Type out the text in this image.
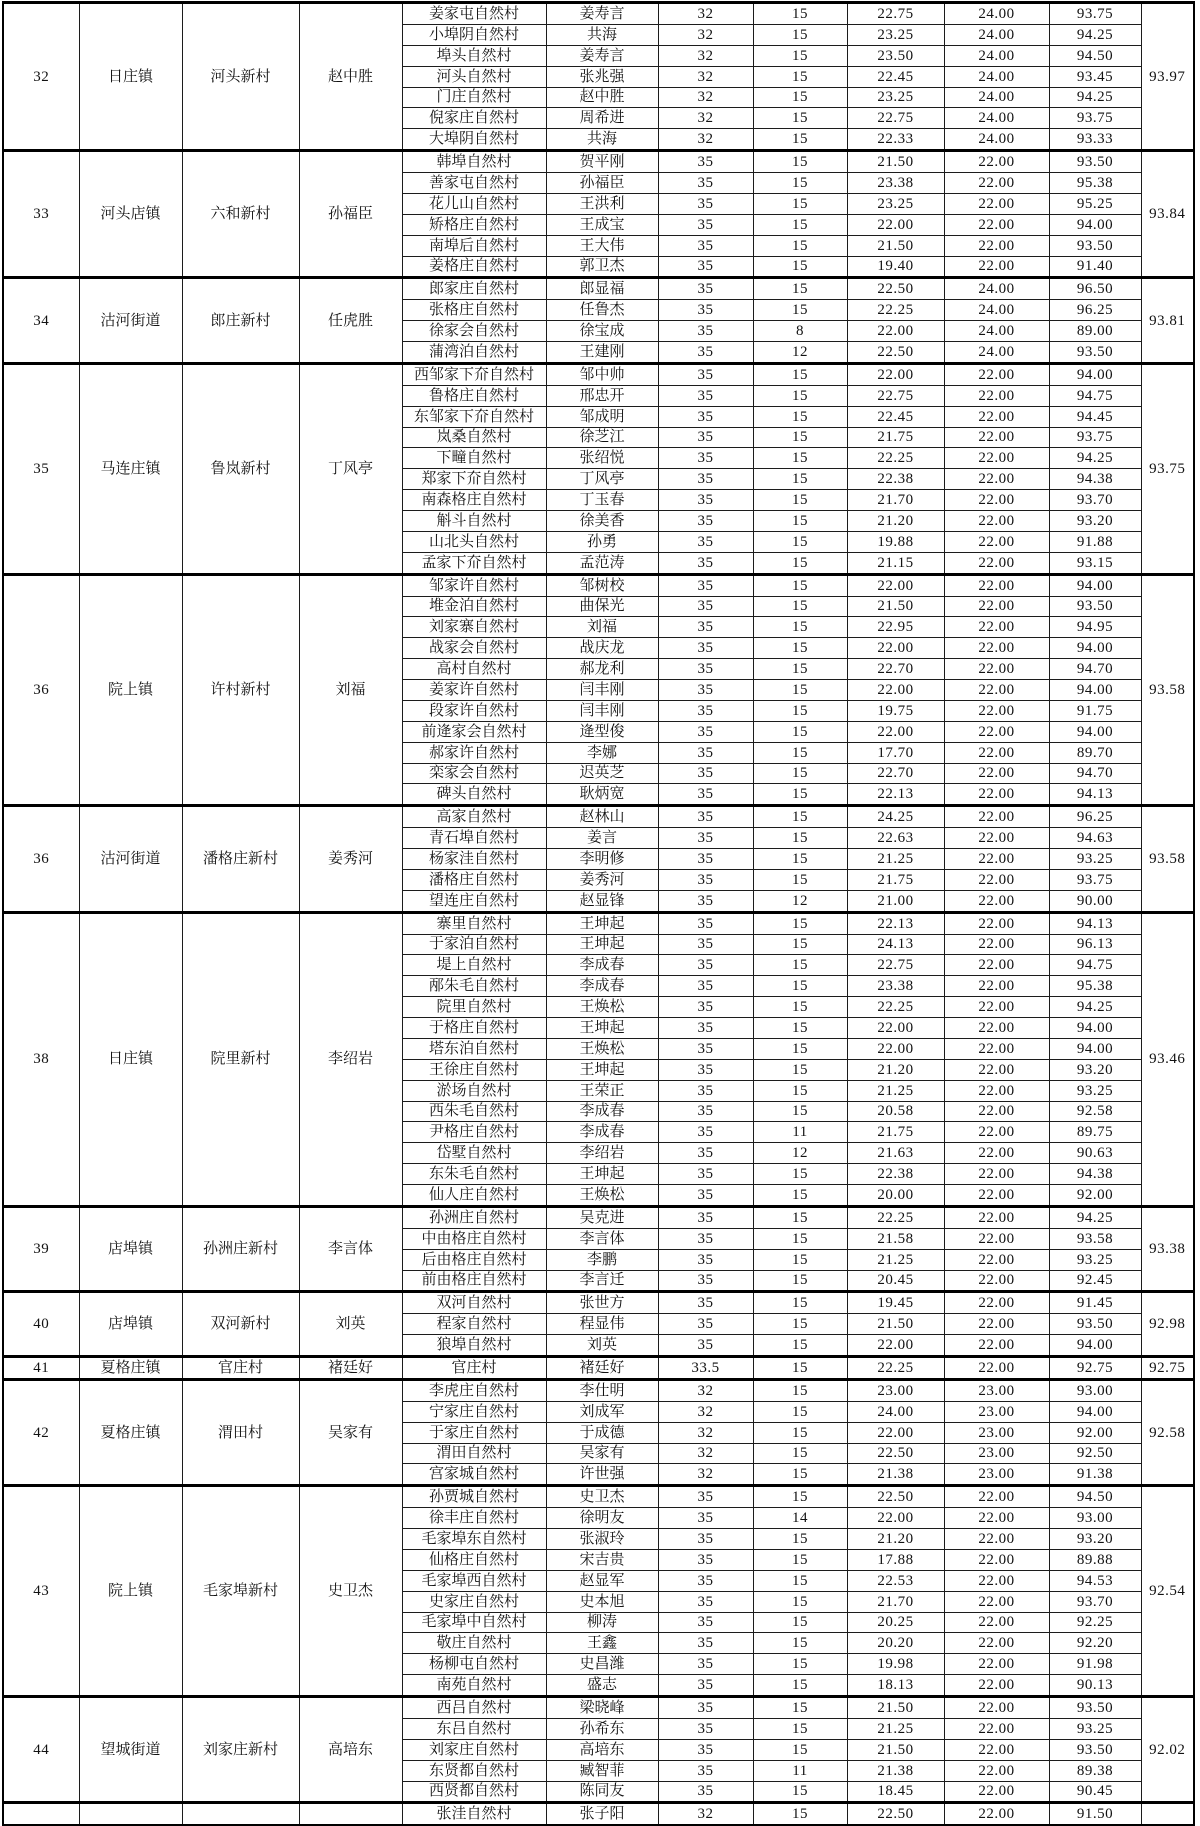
32	日庄镇	河头新村	赵中胜	姜家屯自然村	姜寿言	32	15	22.75	24.00	93.75	93.97
				小埠阴自然村	共海	32	15	23.25	24.00	94.25	
				埠头自然村	姜寿言	32	15	23.50	24.00	94.50	
				河头自然村	张兆强	32	15	22.45	24.00	93.45	
				门庄自然村	赵中胜	32	15	23.25	24.00	94.25	
				倪家庄自然村	周希进	32	15	22.75	24.00	93.75	
				大埠阴自然村	共海	32	15	22.33	24.00	93.33	
33	河头店镇	六和新村	孙福臣	韩埠自然村	贺平刚	35	15	21.50	22.00	93.50	93.84
				善家屯自然村	孙福臣	35	15	23.38	22.00	95.38	
				花儿山自然村	王洪利	35	15	23.25	22.00	95.25	
				矫格庄自然村	王成宝	35	15	22.00	22.00	94.00	
				南埠后自然村	王大伟	35	15	21.50	22.00	93.50	
				姜格庄自然村	郭卫杰	35	15	19.40	22.00	91.40	
34	沽河街道	郎庄新村	任虎胜	郎家庄自然村	郎显福	35	15	22.50	24.00	96.50	93.81
				张格庄自然村	任鲁杰	35	15	22.25	24.00	96.25	
				徐家会自然村	徐宝成	35	8	22.00	24.00	89.00	
				蒲湾泊自然村	王建刚	35	12	22.50	24.00	93.50	
35	马连庄镇	鲁岚新村	丁风亭	西邹家下夼自然村	邹中帅	35	15	22.00	22.00	94.00	93.75
				鲁格庄自然村	邢忠开	35	15	22.75	22.00	94.75	
				东邹家下夼自然村	邹成明	35	15	22.45	22.00	94.45	
				岚桑自然村	徐芝江	35	15	21.75	22.00	93.75	
				下疃自然村	张绍悦	35	15	22.25	22.00	94.25	
				郑家下夼自然村	丁风亭	35	15	22.38	22.00	94.38	
				南森格庄自然村	丁玉春	35	15	21.70	22.00	93.70	
				斛斗自然村	徐美香	35	15	21.20	22.00	93.20	
				山北头自然村	孙勇	35	15	19.88	22.00	91.88	
				孟家下夼自然村	孟范涛	35	15	21.15	22.00	93.15	
36	院上镇	许村新村	刘福	邹家许自然村	邹树校	35	15	22.00	22.00	94.00	93.58
				堆金泊自然村	曲保光	35	15	21.50	22.00	93.50	
				刘家寨自然村	刘福	35	15	22.95	22.00	94.95	
				战家会自然村	战庆龙	35	15	22.00	22.00	94.00	
				高村自然村	郝龙利	35	15	22.70	22.00	94.70	
				姜家许自然村	闫丰刚	35	15	22.00	22.00	94.00	
				段家许自然村	闫丰刚	35	15	19.75	22.00	91.75	
				前逄家会自然村	逄型俊	35	15	22.00	22.00	94.00	
				郝家许自然村	李娜	35	15	17.70	22.00	89.70	
				栾家会自然村	迟英芝	35	15	22.70	22.00	94.70	
				碑头自然村	耿炳宽	35	15	22.13	22.00	94.13	
36	沽河街道	潘格庄新村	姜秀河	高家自然村	赵林山	35	15	24.25	22.00	96.25	93.58
				青石埠自然村	姜言	35	15	22.63	22.00	94.63	
				杨家洼自然村	李明修	35	15	21.25	22.00	93.25	
				潘格庄自然村	姜秀河	35	15	21.75	22.00	93.75	
				望连庄自然村	赵显锋	35	12	21.00	22.00	90.00	
38	日庄镇	院里新村	李绍岩	寨里自然村	王坤起	35	15	22.13	22.00	94.13	93.46
				于家泊自然村	王坤起	35	15	24.13	22.00	96.13	
				堤上自然村	李成春	35	15	22.75	22.00	94.75	
				邴朱毛自然村	李成春	35	15	23.38	22.00	95.38	
				院里自然村	王焕松	35	15	22.25	22.00	94.25	
				于格庄自然村	王坤起	35	15	22.00	22.00	94.00	
				塔东泊自然村	王焕松	35	15	22.00	22.00	94.00	
				王徐庄自然村	王坤起	35	15	21.20	22.00	93.20	
				淤场自然村	王荣正	35	15	21.25	22.00	93.25	
				西朱毛自然村	李成春	35	15	20.58	22.00	92.58	
				尹格庄自然村	李成春	35	11	21.75	22.00	89.75	
				岱墅自然村	李绍岩	35	12	21.63	22.00	90.63	
				东朱毛自然村	王坤起	35	15	22.38	22.00	94.38	
				仙人庄自然村	王焕松	35	15	20.00	22.00	92.00	
39	店埠镇	孙洲庄新村	李言体	孙洲庄自然村	吴克进	35	15	22.25	22.00	94.25	93.38
				中由格庄自然村	李言体	35	15	21.58	22.00	93.58	
				后由格庄自然村	李鹏	35	15	21.25	22.00	93.25	
				前由格庄自然村	李言迁	35	15	20.45	22.00	92.45	
40	店埠镇	双河新村	刘英	双河自然村	张世方	35	15	19.45	22.00	91.45	92.98
				程家自然村	程显伟	35	15	21.50	22.00	93.50	
				狼埠自然村	刘英	35	15	22.00	22.00	94.00	
41	夏格庄镇	官庄村	褚廷好	官庄村	褚廷好	33.5	15	22.25	22.00	92.75	92.75
42	夏格庄镇	渭田村	吴家有	李虎庄自然村	李仕明	32	15	23.00	23.00	93.00	92.58
				宁家庄自然村	刘成军	32	15	24.00	23.00	94.00	
				于家庄自然村	于成德	32	15	22.00	23.00	92.00	
				渭田自然村	吴家有	32	15	22.50	23.00	92.50	
				宫家城自然村	许世强	32	15	21.38	23.00	91.38	
43	院上镇	毛家埠新村	史卫杰	孙贾城自然村	史卫杰	35	15	22.50	22.00	94.50	92.54
				徐丰庄自然村	徐明友	35	14	22.00	22.00	93.00	
				毛家埠东自然村	张淑玲	35	15	21.20	22.00	93.20	
				仙格庄自然村	宋吉贵	35	15	17.88	22.00	89.88	
				毛家埠西自然村	赵显军	35	15	22.53	22.00	94.53	
				史家庄自然村	史本旭	35	15	21.70	22.00	93.70	
				毛家埠中自然村	柳涛	35	15	20.25	22.00	92.25	
				敬庄自然村	王鑫	35	15	20.20	22.00	92.20	
				杨柳屯自然村	史昌潍	35	15	19.98	22.00	91.98	
				南苑自然村	盛志	35	15	18.13	22.00	90.13	
44	望城街道	刘家庄新村	高培东	西吕自然村	梁晓峰	35	15	21.50	22.00	93.50	92.02
				东吕自然村	孙希东	35	15	21.25	22.00	93.25	
				刘家庄自然村	高培东	35	15	21.50	22.00	93.50	
				东贤都自然村	臧智菲	35	11	21.38	22.00	89.38	
				西贤都自然村	陈同友	35	15	18.45	22.00	90.45	
				张洼自然村	张子阳	32	15	22.50	22.00	91.50	
